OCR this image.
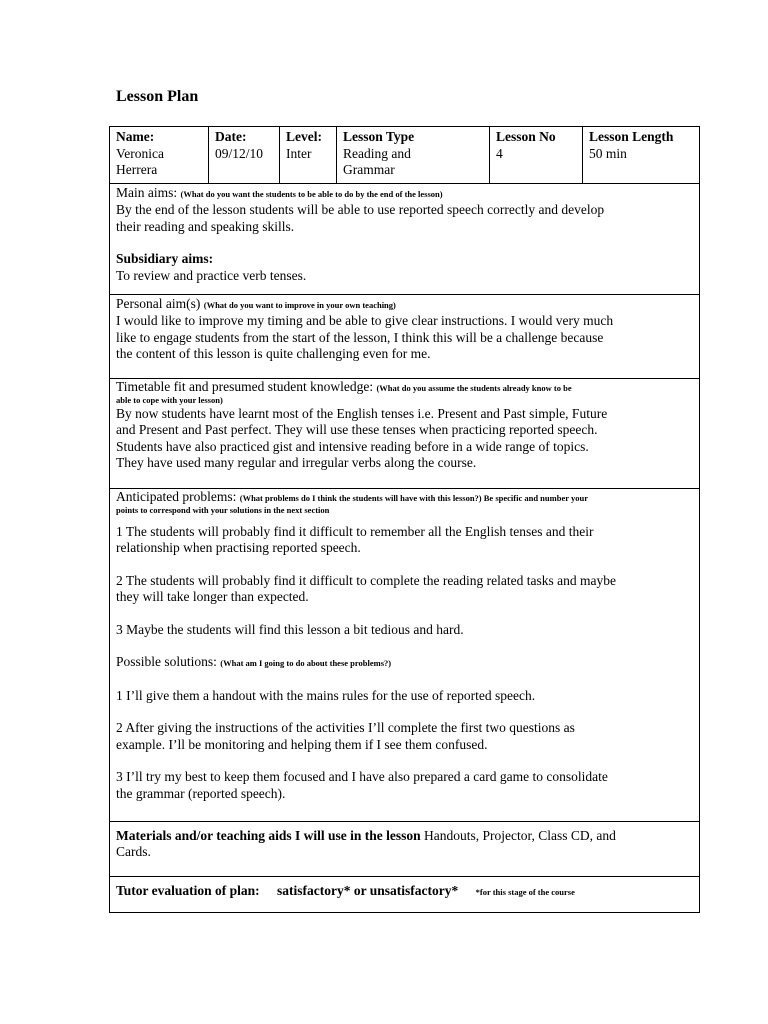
Lesson Plan
Name:
Veronica
Herrera
Date:
09/12/10
Level:
Inter
Lesson Type
Reading and
Grammar
Lesson No
4
Lesson Length
50 min
Main aims: (What do you want the students to be able to do by the end of the lesson)

By the end of the lesson students will be able to use reported speech correctly and develop

their reading and speaking skills.

Subsidiary aims:

To review and practice verb tenses.

Personal aim(s) (What do you want to improve in your own teaching)

I would like to improve my timing and be able to give clear instructions. I would very much

like to engage students from the start of the lesson, I think this will be a challenge because

the content of this lesson is quite challenging even for me.

Timetable fit and presumed student knowledge: (What do you assume the students already know to be
able to cope with your lesson)

By now students have learnt most of the English tenses i.e. Present and Past simple, Future

and Present and Past perfect. They will use these tenses when practicing reported speech.

Students have also practiced gist and intensive reading before in a wide range of topics.

They have used many regular and irregular verbs along the course.

Anticipated problems: (What problems do I think the students will have with this lesson?) Be specific and number your
points to correspond with your solutions in the next section

1 The students will probably find it difficult to remember all the English tenses and their

relationship when practising reported speech.

2 The students will probably find it difficult to complete the reading related tasks and maybe

they will take longer than expected.

3 Maybe the students will find this lesson a bit tedious and hard.

Possible solutions: (What am I going to do about these problems?)

1 I’ll give them a handout with the mains rules for the use of reported speech.

2 After giving the instructions of the activities I’ll complete the first two questions as

example. I’ll be monitoring and helping them if I see them confused.

3 I’ll try my best to keep them focused and I have also prepared a card game to consolidate

the grammar (reported speech).

Materials and/or teaching aids I will use in the lesson Handouts, Projector, Class CD, and

Cards.

Tutor evaluation of plan: satisfactory* or unsatisfactory* *for this stage of the course
